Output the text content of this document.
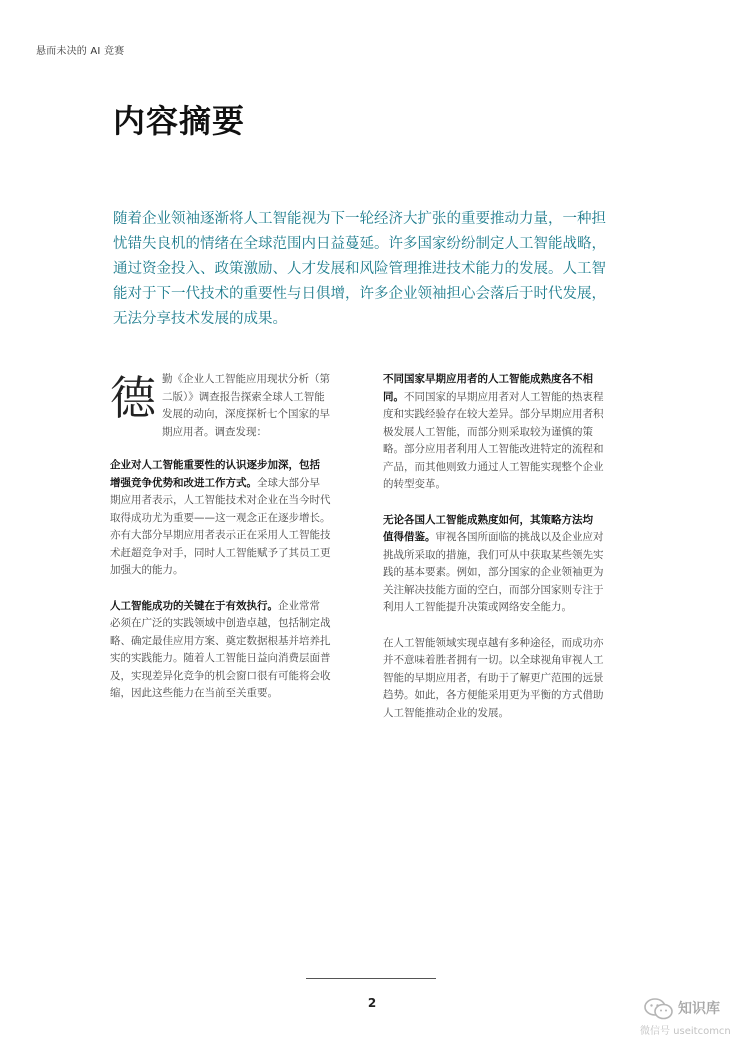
悬而未决的 AI 竞赛
内容摘要

随着企业领袖逐渐将人工智能视为下一轮经济大扩张的重要推动力量，一种担
忧错失良机的情绪在全球范围内日益蔓延。许多国家纷纷制定人工智能战略，
通过资金投入、政策激励、人才发展和风险管理推进技术能力的发展。人工智
能对于下一代技术的重要性与日俱增，许多企业领袖担心会落后于时代发展，
无法分享技术发展的成果。

德 勤《企业人工智能应用现状分析（第
二版）》调查报告探索全球人工智能
发展的动向，深度探析七个国家的早
期应用者。调查发现：

企业对人工智能重要性的认识逐步加深，包括
增强竞争优势和改进工作方式。全球大部分早
期应用者表示，人工智能技术对企业在当今时代
取得成功尤为重要——这一观念正在逐步增长。
亦有大部分早期应用者表示正在采用人工智能技
术赶超竞争对手，同时人工智能赋予了其员工更
加强大的能力。

人工智能成功的关键在于有效执行。企业常常
必须在广泛的实践领域中创造卓越，包括制定战
略、确定最佳应用方案、奠定数据根基并培养扎
实的实践能力。随着人工智能日益向消费层面普
及，实现差异化竞争的机会窗口很有可能将会收
缩，因此这些能力在当前至关重要。

不同国家早期应用者的人工智能成熟度各不相
同。不同国家的早期应用者对人工智能的热衷程
度和实践经验存在较大差异。部分早期应用者积
极发展人工智能，而部分则采取较为谨慎的策
略。部分应用者利用人工智能改进特定的流程和
产品，而其他则致力通过人工智能实现整个企业
的转型变革。

无论各国人工智能成熟度如何，其策略方法均
值得借鉴。审视各国所面临的挑战以及企业应对
挑战所采取的措施，我们可从中获取某些领先实
践的基本要素。例如，部分国家的企业领袖更为
关注解决技能方面的空白，而部分国家则专注于
利用人工智能提升决策或网络安全能力。

在人工智能领域实现卓越有多种途径，而成功亦
并不意味着胜者拥有一切。以全球视角审视人工
智能的早期应用者，有助于了解更广范围的远景
趋势。如此，各方便能采用更为平衡的方式借助
人工智能推动企业的发展。

2	知识库
微信号 useitcomcn
